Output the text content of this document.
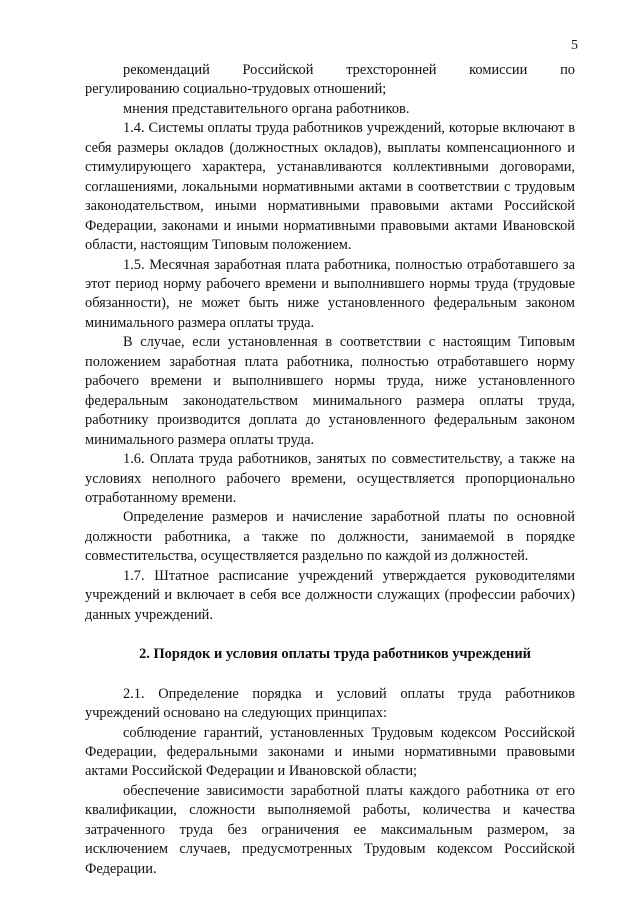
5

рекомендаций Российской трехсторонней комиссии по

регулированию социально-трудовых отношений;

мнения представительного органа работников.

1.4. Системы оплаты труда работников учреждений, которые включают в себя размеры окладов (должностных окладов), выплаты компенсационного и стимулирующего характера, устанавливаются коллективными договорами, соглашениями, локальными нормативными актами в соответствии с трудовым законодательством, иными нормативными правовыми актами Российской Федерации, законами и иными нормативными правовыми актами Ивановской области, настоящим Типовым положением.

1.5. Месячная заработная плата работника, полностью отработавшего за этот период норму рабочего времени и выполнившего нормы труда (трудовые обязанности), не может быть ниже установленного федеральным законом минимального размера оплаты труда.

В случае, если установленная в соответствии с настоящим Типовым положением заработная плата работника, полностью отработавшего норму рабочего времени и выполнившего нормы труда, ниже установленного федеральным законодательством минимального размера оплаты труда, работнику производится доплата до установленного федеральным законом минимального размера оплаты труда.

1.6. Оплата труда работников, занятых по совместительству, а также на условиях неполного рабочего времени, осуществляется пропорционально отработанному времени.

Определение размеров и начисление заработной платы по основной должности работника, а также по должности, занимаемой в порядке совместительства, осуществляется раздельно по каждой из должностей.

1.7. Штатное расписание учреждений утверждается руководителями учреждений и включает в себя все должности служащих (профессии рабочих) данных учреждений.

2. Порядок и условия оплаты труда работников учреждений

2.1. Определение порядка и условий оплаты труда работников учреждений основано на следующих принципах:

соблюдение гарантий, установленных Трудовым кодексом Российской Федерации, федеральными законами и иными нормативными правовыми актами Российской Федерации и Ивановской области;

обеспечение зависимости заработной платы каждого работника от его квалификации, сложности выполняемой работы, количества и качества затраченного труда без ограничения ее максимальным размером, за исключением случаев, предусмотренных Трудовым кодексом Российской Федерации.
